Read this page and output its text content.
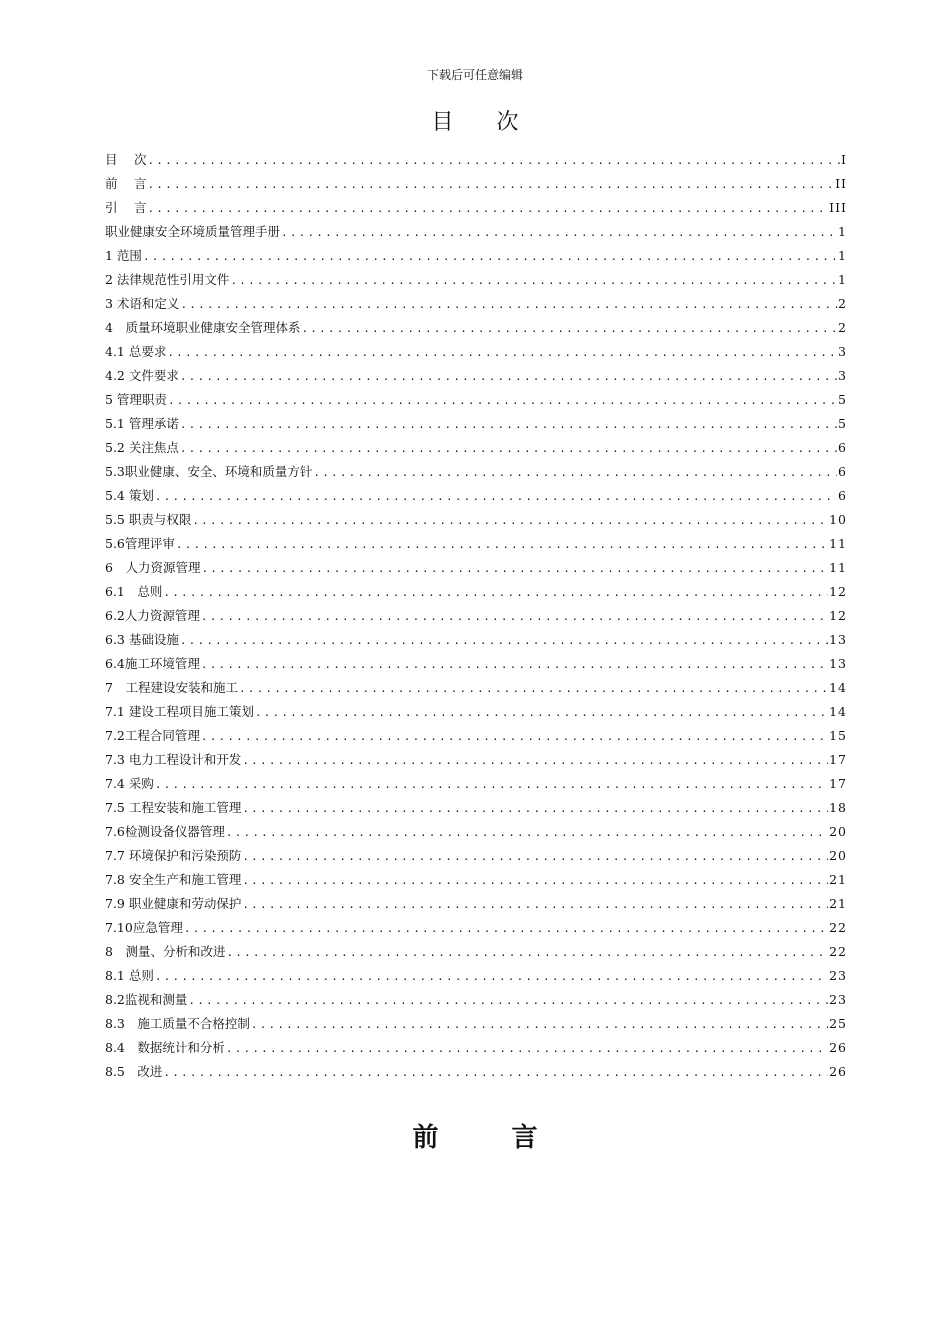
下载后可任意编辑
目 次
目　 次 .....	I
前　 言 .....	II
引　 言 .....	III
职业健康安全环境质量管理手册 .....	1
1 范围 .....	1
2 法律规范性引用文件 .....	1
3 术语和定义 .....	2
4　质量环境职业健康安全管理体系 .....	2
4.1 总要求 .....	3
4.2 文件要求 .....	3
5 管理职责 .....	5
5.1 管理承诺 .....	5
5.2 关注焦点 .....	6
5.3职业健康、安全、环境和质量方针 .....	6
5.4 策划 .....	6
5.5 职责与权限 .....	10
5.6管理评审 .....	11
6　人力资源管理 .....	11
6.1　总则 .....	12
6.2人力资源管理 .....	12
6.3 基础设施 .....	13
6.4施工环境管理 .....	13
7　工程建设安装和施工 .....	14
7.1 建设工程项目施工策划 .....	14
7.2工程合同管理 .....	15
7.3 电力工程设计和开发 .....	17
7.4 采购 .....	17
7.5 工程安装和施工管理 .....	18
7.6检测设备仪器管理 .....	20
7.7 环境保护和污染预防 .....	20
7.8 安全生产和施工管理 .....	21
7.9 职业健康和劳动保护 .....	21
7.10应急管理 .....	22
8　测量、分析和改进 .....	22
8.1 总则 .....	23
8.2监视和测量 .....	23
8.3　施工质量不合格控制 .....	25
8.4　数据统计和分析 .....	26
8.5　改进 .....	26
前 言
